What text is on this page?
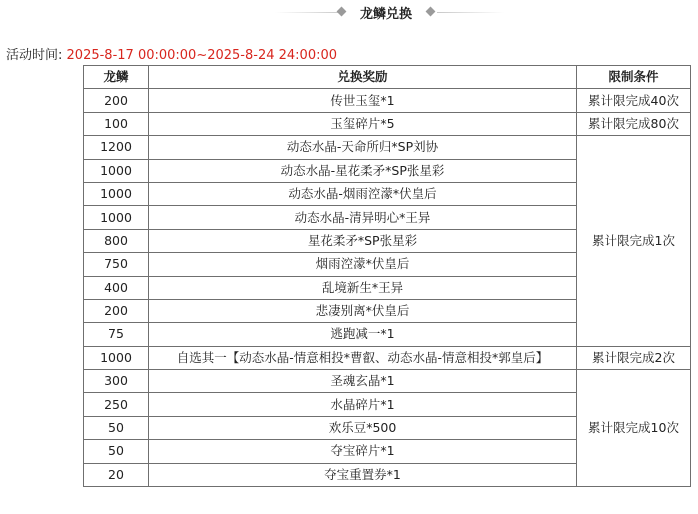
龙鳞兑换
活动时间: 2025-8-17 00:00:00~2025-8-24 24:00:00
龙鳞	兑换奖励	限制条件
200	传世玉玺*1	累计限完成40次
100	玉玺碎片*5	累计限完成80次
1200	动态水晶-天命所归*SP刘协	累计限完成1次
1000	动态水晶-星花柔矛*SP张星彩	
1000	动态水晶-烟雨涳濛*伏皇后	
1000	动态水晶-清异明心*王异	
800	星花柔矛*SP张星彩	
750	烟雨涳濛*伏皇后	
400	乱境新生*王异	
200	悲凄别离*伏皇后	
75	逃跑减一*1	
1000	自选其一【动态水晶-情意相投*曹叡、动态水晶-情意相投*郭皇后】	累计限完成2次
300	圣魂玄晶*1	累计限完成10次
250	水晶碎片*1	
50	欢乐豆*500	
50	夺宝碎片*1	
20	夺宝重置券*1	
